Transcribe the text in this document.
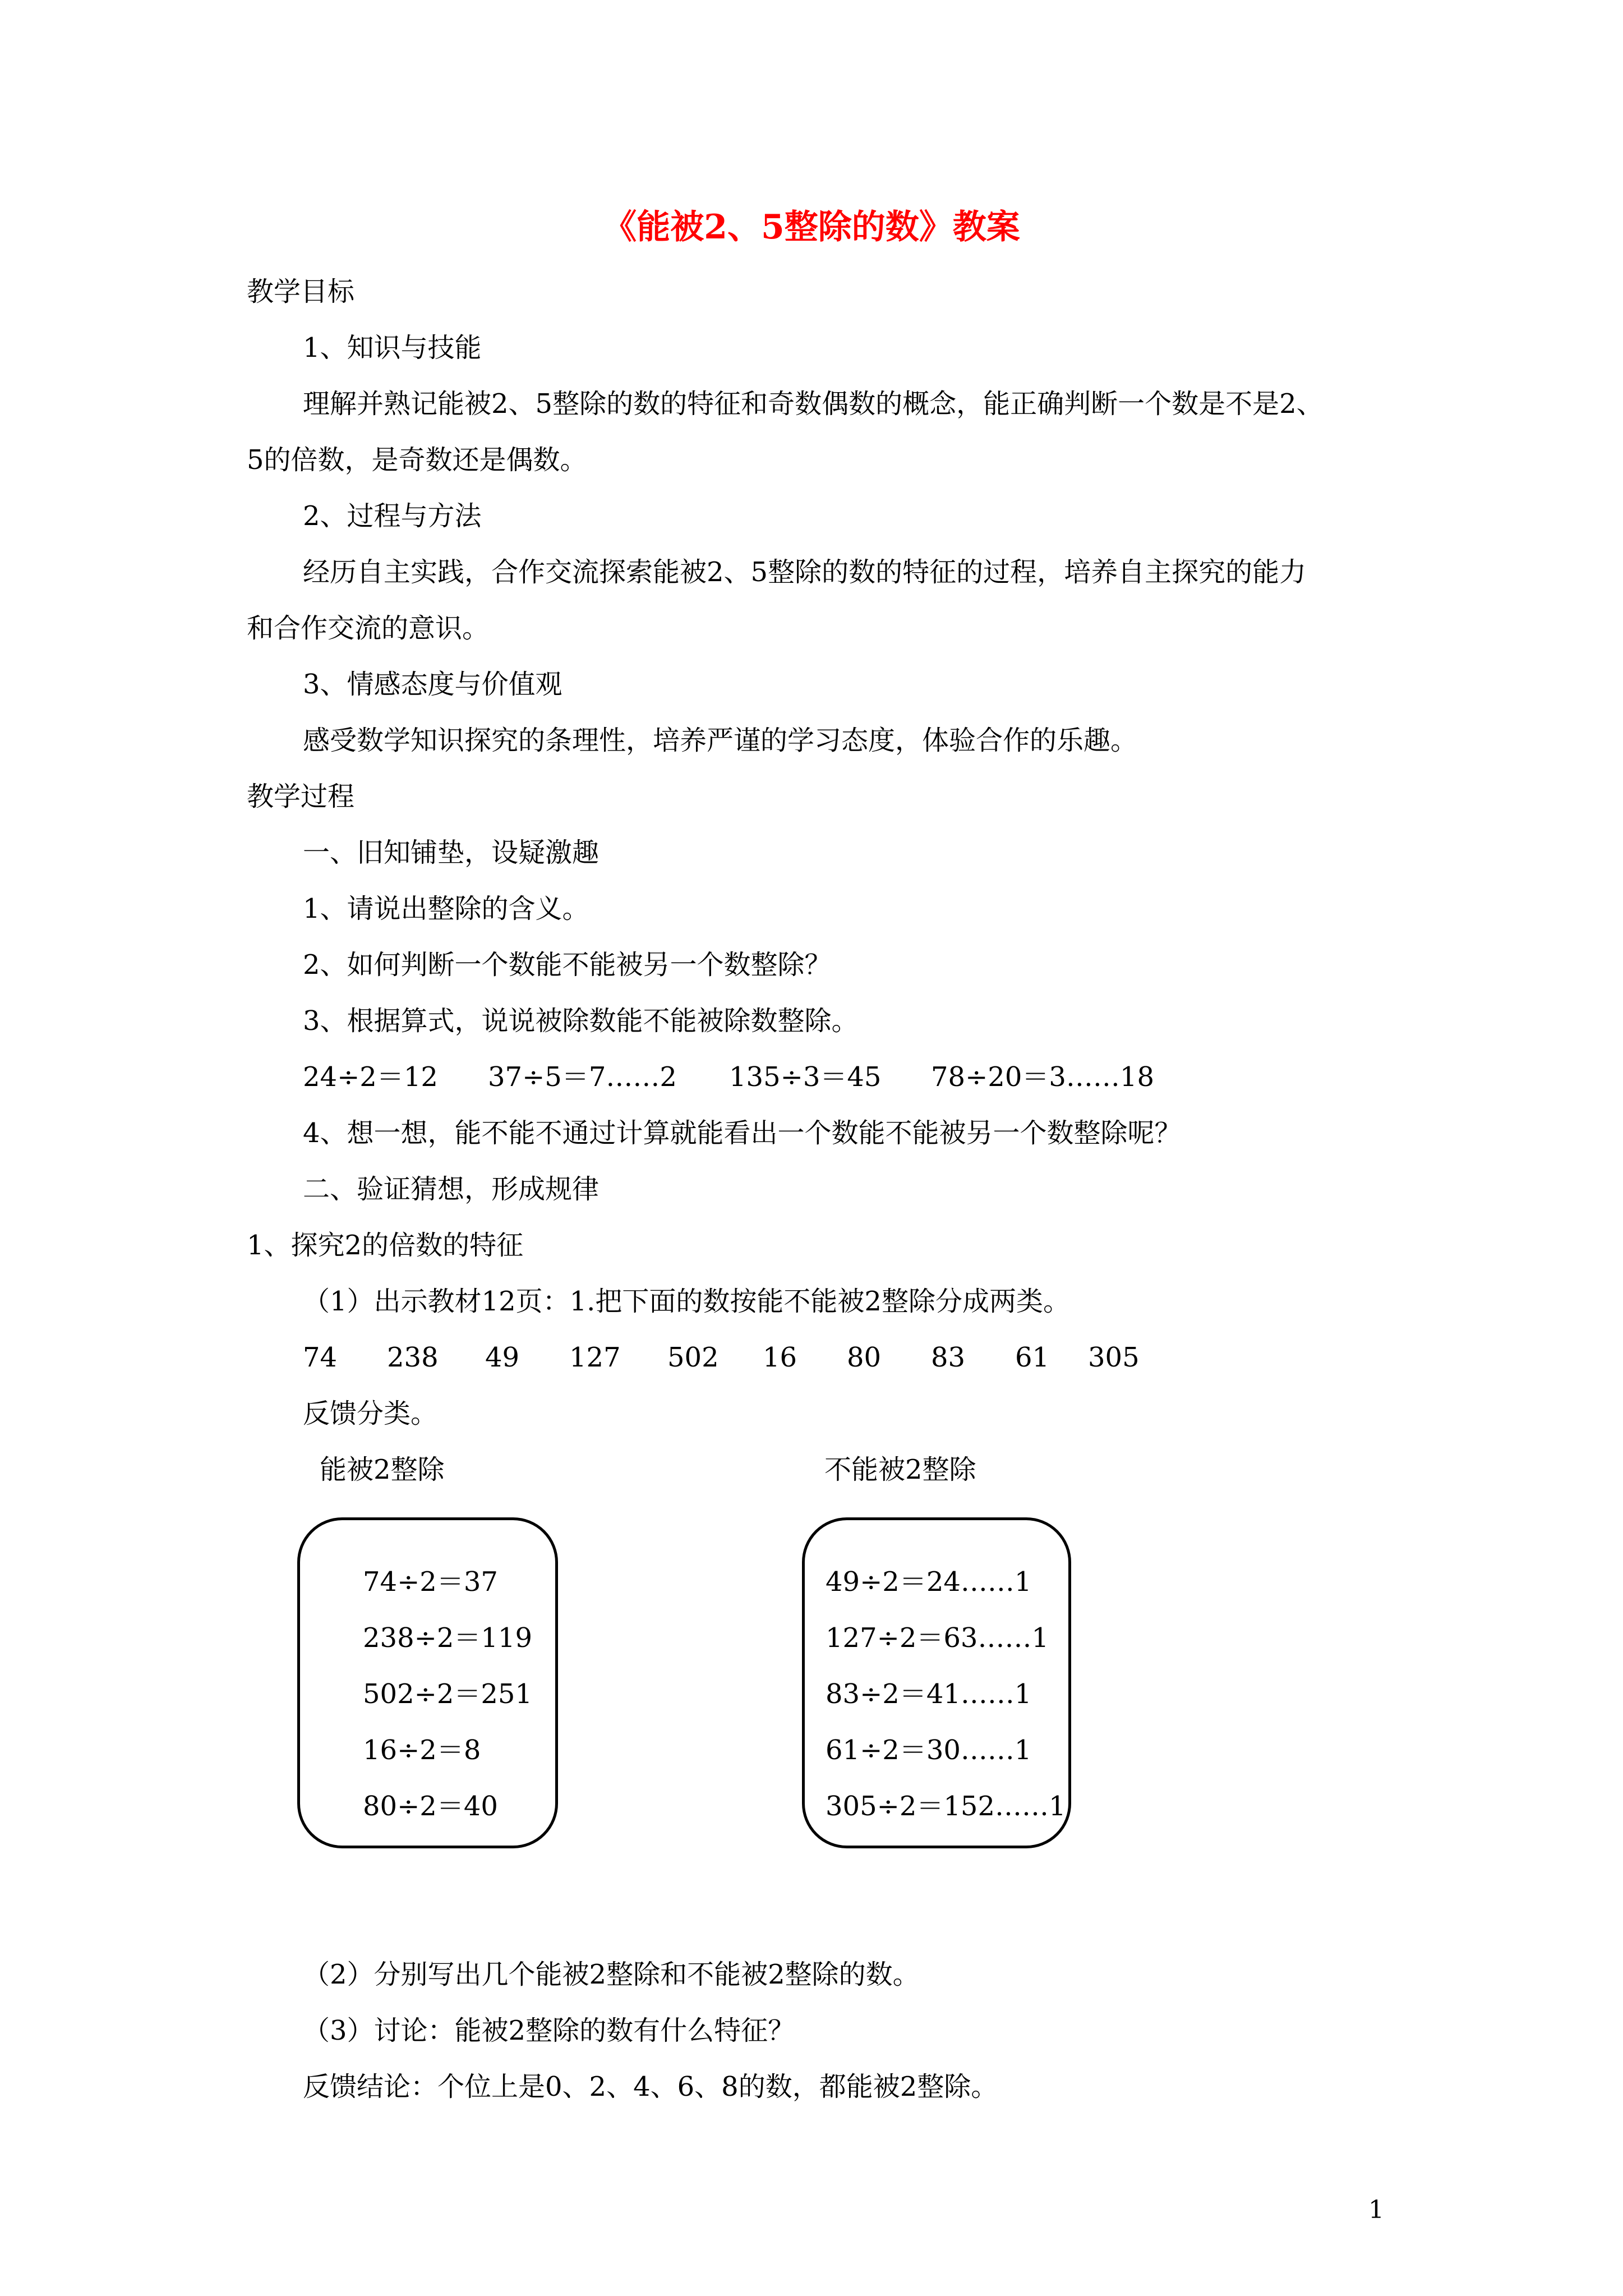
《能被2、5整除的数》教案
教学目标
1、知识与技能
理解并熟记能被2、5整除的数的特征和奇数偶数的概念，能正确判断一个数是不是2、
5的倍数，是奇数还是偶数。
2、过程与方法
经历自主实践，合作交流探索能被2、5整除的数的特征的过程，培养自主探究的能力
和合作交流的意识。
3、情感态度与价值观
感受数学知识探究的条理性，培养严谨的学习态度，体验合作的乐趣。
教学过程
一、旧知铺垫，设疑激趣
1、请说出整除的含义。
2、如何判断一个数能不能被另一个数整除？
3、根据算式，说说被除数能不能被除数整除。
24÷2＝12 37÷5＝7……2 135÷3＝45 78÷20＝3……18
4、想一想，能不能不通过计算就能看出一个数能不能被另一个数整除呢？
二、验证猜想，形成规律
1、探究2的倍数的特征
（1）出示教材12页：1.把下面的数按能不能被2整除分成两类。
74 238 49 127 502 16 80 83 61 305
反馈分类。
能被2整除	不能被2整除
74÷2＝37
238÷2＝119
502÷2＝251
16÷2＝8
80÷2＝40
49÷2＝24……1
127÷2＝63……1
83÷2＝41……1
61÷2＝30……1
305÷2＝152……1
（2）分别写出几个能被2整除和不能被2整除的数。
（3）讨论：能被2整除的数有什么特征？
反馈结论：个位上是0、2、4、6、8的数，都能被2整除。
1
